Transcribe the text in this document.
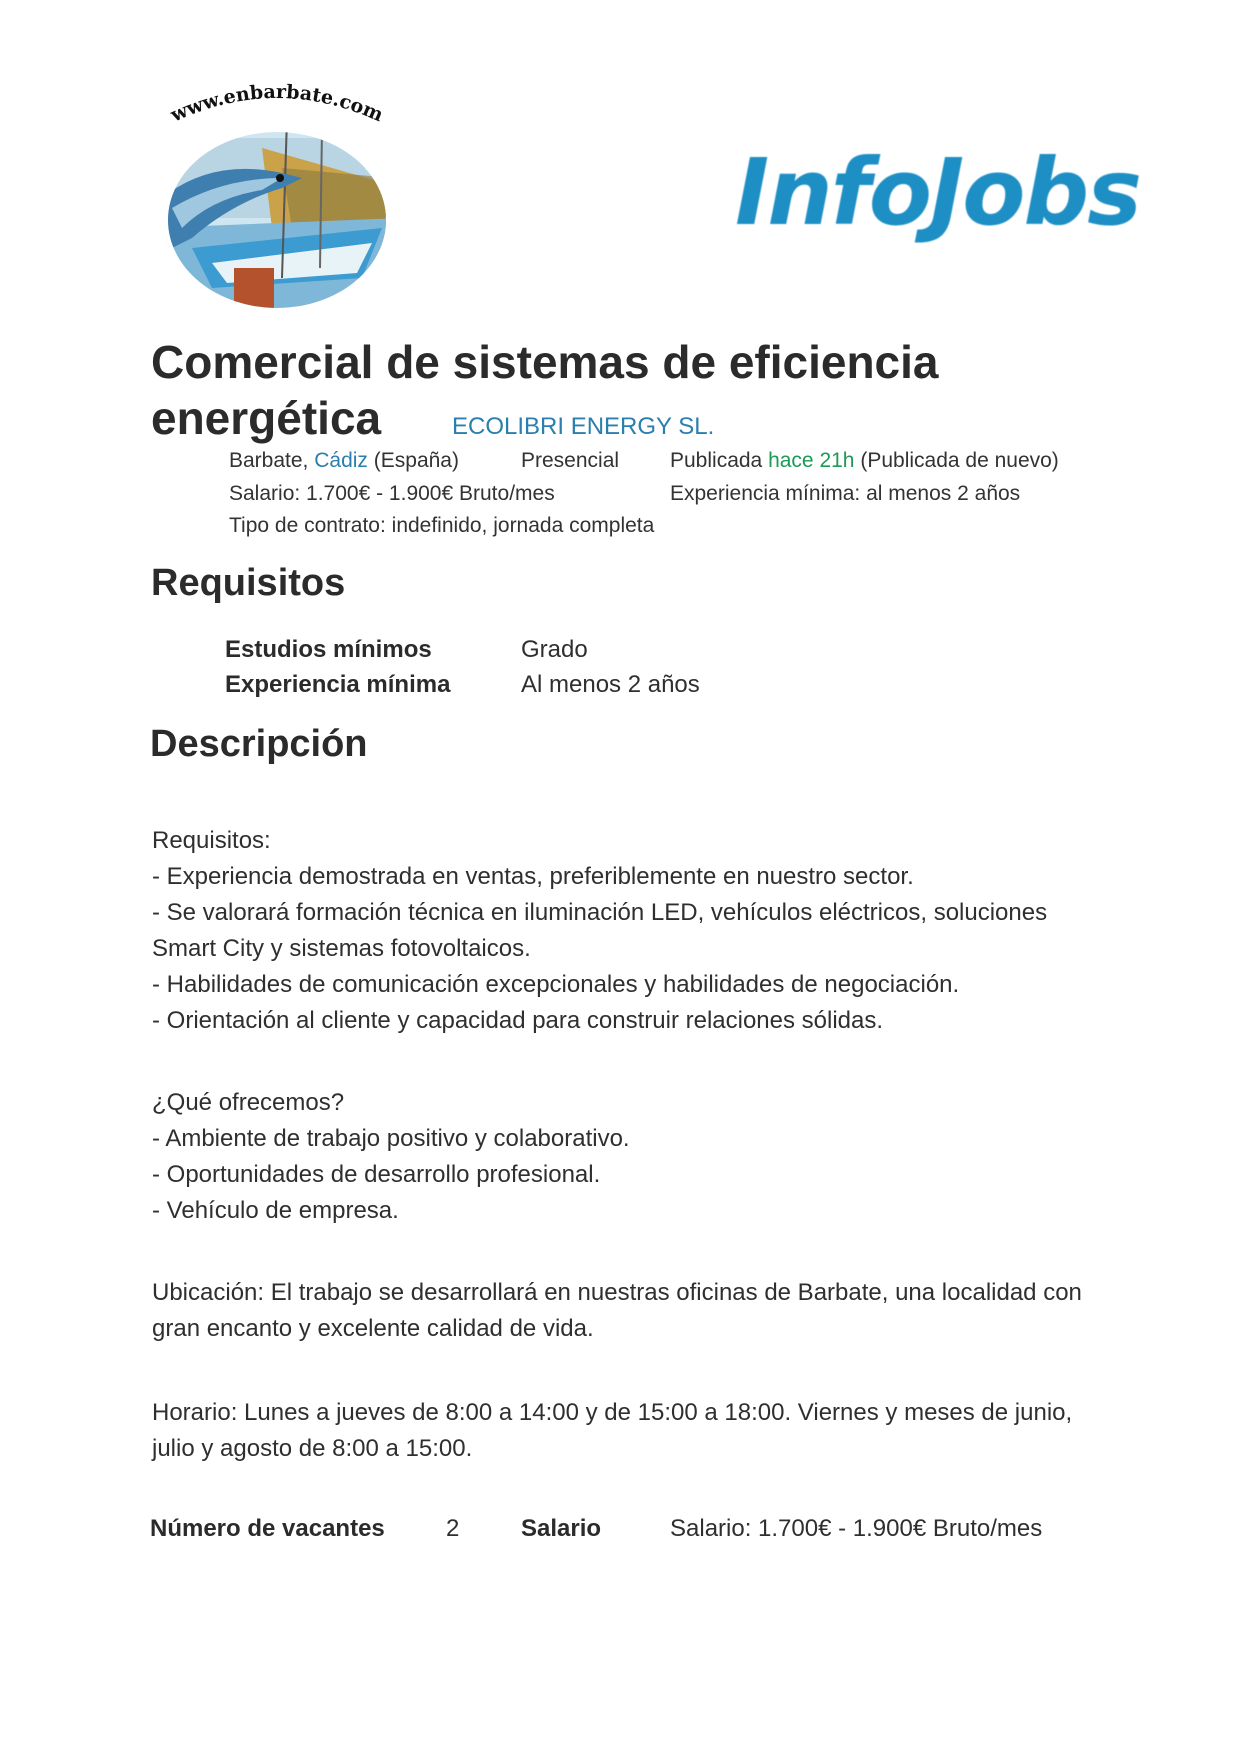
www.enbarbate.com
InfoJobs
Comercial de sistemas de eficiencia
energética	ECOLIBRI ENERGY SL.
Barbate, Cádiz (España)	Presencial Publicada hace 21h (Publicada de nuevo)
Salario: 1.700€ - 1.900€ Bruto/mes	Experiencia mínima: al menos 2 años
Tipo de contrato: indefinido, jornada completa
Requisitos
Estudios mínimos	Grado
Experiencia mínima	Al menos 2 años
Descripción

Requisitos:

- Experiencia demostrada en ventas, preferiblemente en nuestro sector.

- Se valorará formación técnica en iluminación LED, vehículos eléctricos, soluciones Smart City y sistemas fotovoltaicos.

- Habilidades de comunicación excepcionales y habilidades de negociación.

- Orientación al cliente y capacidad para construir relaciones sólidas.

¿Qué ofrecemos?

- Ambiente de trabajo positivo y colaborativo.

- Oportunidades de desarrollo profesional.

- Vehículo de empresa.

Ubicación: El trabajo se desarrollará en nuestras oficinas de Barbate, una localidad con gran encanto y excelente calidad de vida.
Horario: Lunes a jueves de 8:00 a 14:00 y de 15:00 a 18:00. Viernes y meses de junio, julio y agosto de 8:00 a 15:00.
Número de vacantes	2	Salario	Salario: 1.700€ - 1.900€ Bruto/mes
